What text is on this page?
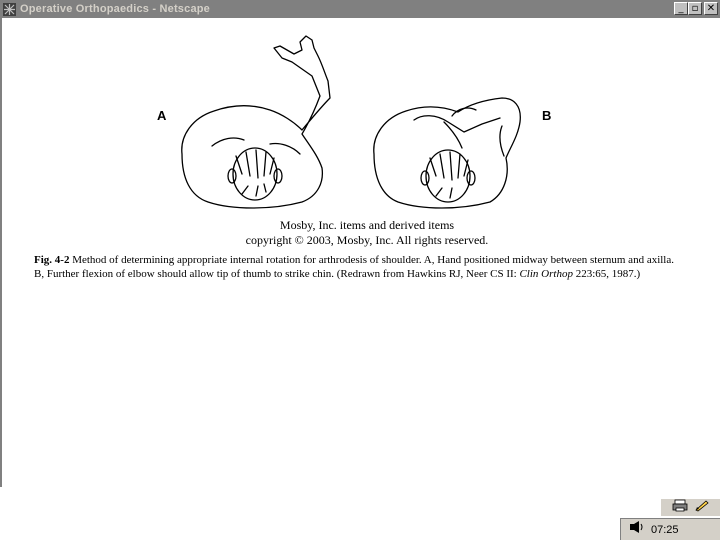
Operative Orthopaedics - Netscape	_ ▫ ✕
A	B
Mosby, Inc. items and derived items
copyright © 2003, Mosby, Inc. All rights reserved.
Fig. 4-2 Method of determining appropriate internal rotation for arthrodesis of shoulder. A, Hand positioned midway between sternum and axilla. B, Further flexion of elbow should allow tip of thumb to strike chin. (Redrawn from Hawkins RJ, Neer CS II: Clin Orthop 223:65, 1987.)
07:25
